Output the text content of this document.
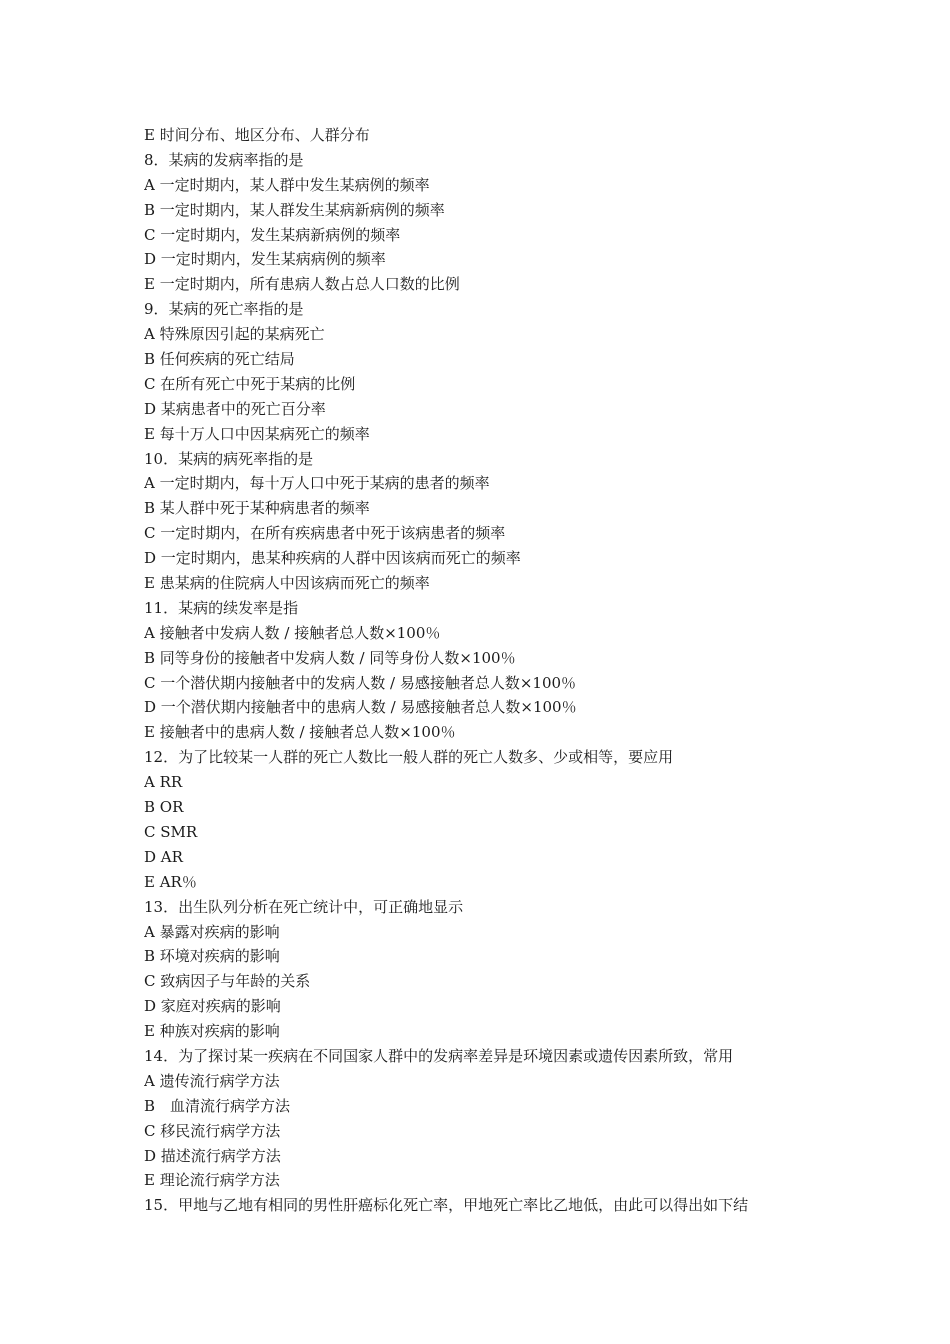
E 时间分布、地区分布、人群分布
8．某病的发病率指的是
A 一定时期内，某人群中发生某病例的频率
B 一定时期内，某人群发生某病新病例的频率
C 一定时期内，发生某病新病例的频率
D 一定时期内，发生某病病例的频率
E 一定时期内，所有患病人数占总人口数的比例
9．某病的死亡率指的是
A 特殊原因引起的某病死亡
B 任何疾病的死亡结局
C 在所有死亡中死于某病的比例
D 某病患者中的死亡百分率
E 每十万人口中因某病死亡的频率
10．某病的病死率指的是
A 一定时期内，每十万人口中死于某病的患者的频率
B 某人群中死于某种病患者的频率
C 一定时期内，在所有疾病患者中死于该病患者的频率
D 一定时期内，患某种疾病的人群中因该病而死亡的频率
E 患某病的住院病人中因该病而死亡的频率
11．某病的续发率是指
A 接触者中发病人数 / 接触者总人数×100％
B 同等身份的接触者中发病人数 / 同等身份人数×100％
C 一个潜伏期内接触者中的发病人数 / 易感接触者总人数×100％
D 一个潜伏期内接触者中的患病人数 / 易感接触者总人数×100％
E 接触者中的患病人数 / 接触者总人数×100％
12．为了比较某一人群的死亡人数比一般人群的死亡人数多、少或相等，要应用
A RR
B OR
C SMR
D AR
E AR％
13．出生队列分析在死亡统计中，可正确地显示
A 暴露对疾病的影响
B 环境对疾病的影响
C 致病因子与年龄的关系
D 家庭对疾病的影响
E 种族对疾病的影响
14．为了探讨某一疾病在不同国家人群中的发病率差异是环境因素或遗传因素所致，常用
A 遗传流行病学方法
B　血清流行病学方法
C 移民流行病学方法
D 描述流行病学方法
E 理论流行病学方法
15．甲地与乙地有相同的男性肝癌标化死亡率，甲地死亡率比乙地低，由此可以得出如下结
